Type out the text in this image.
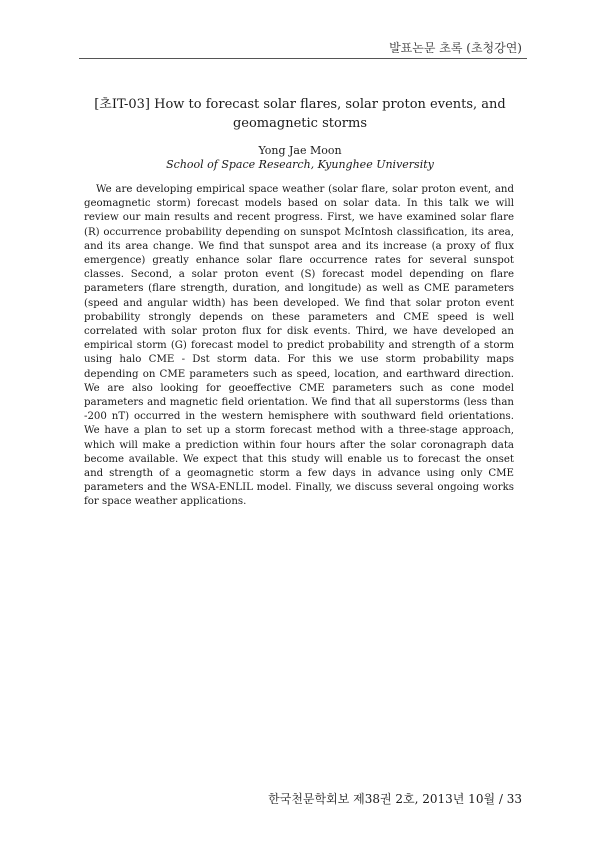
발표논문 초록 (초청강연)
[초IT-03] How to forecast solar flares, solar proton events, and
geomagnetic storms
Yong Jae Moon
School of Space Research, Kyunghee University

We are developing empirical space weather (solar flare, solar proton event, and geomagnetic storm) forecast models based on solar data. In this talk we will review our main results and recent progress. First, we have examined solar flare (R) occurrence probability depending on sunspot McIntosh classification, its area, and its area change. We find that sunspot area and its increase (a proxy of flux emergence) greatly enhance solar flare occurrence rates for several sunspot classes. Second, a solar proton event (S) forecast model depending on flare parameters (flare strength, duration, and longitude) as well as CME parameters (speed and angular width) has been developed. We find that solar proton event probability strongly depends on these parameters and CME speed is well correlated with solar proton flux for disk events. Third, we have developed an empirical storm (G) forecast model to predict probability and strength of a storm using halo CME - Dst storm data. For this we use storm probability maps depending on CME parameters such as speed, location, and earthward direction. We are also looking for geoeffective CME parameters such as cone model parameters and magnetic field orientation. We find that all superstorms (less than -200 nT) occurred in the western hemisphere with southward field orientations. We have a plan to set up a storm forecast method with a three-stage approach, which will make a prediction within four hours after the solar coronagraph data become available. We expect that this study will enable us to forecast the onset and strength of a geomagnetic storm a few days in advance using only CME parameters and the WSA-ENLIL model. Finally, we discuss several ongoing works for space weather applications.

한국천문학회보 제38권 2호, 2013년 10월 / 33
